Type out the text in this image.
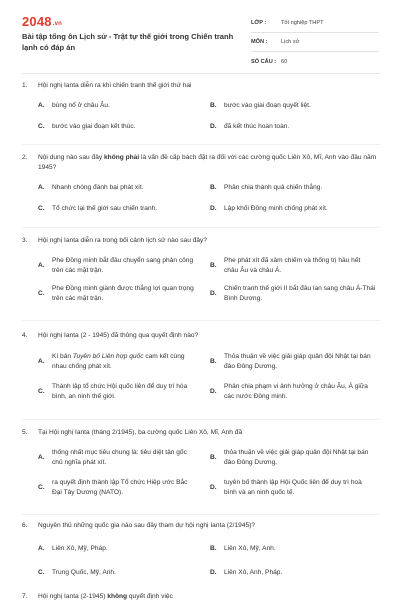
2048.vn
Bài tập tổng ôn Lịch sử - Trật tự thế giới trong Chiến tranh lạnh có đáp án
LỚP :	Tốt nghiệp THPT
MÔN :	Lịch sử
SỐ CÂU : 60
1.	Hội nghị Ianta diễn ra khi chiến tranh thế giới thứ hai
A.	bùng nổ ở châu Âu.	B.	bước vào giai đoạn quyết liệt.
C.	bước vào giai đoạn kết thúc.	D.	đã kết thúc hoàn toàn.
2.	Nội dung nào sau đây không phải là vấn đề cấp bách đặt ra đối với các cường quốc Liên Xô, Mĩ, Anh vào đầu năm 1945?
A.	Nhanh chóng đánh bại phát xít.	B.	Phân chia thành quả chiến thắng.
C.	Tổ chức lại thế giới sau chiến tranh.	D.	Lập khối Đồng minh chống phát xít.
3.	Hội nghị Ianta diễn ra trong bối cảnh lịch sử nào sau đây?
A.
Phe Đồng minh bắt đầu chuyển sang phản công trên các mặt trận.
B.
Phe phát xít đã xâm chiếm và thống trị hầu hết châu Âu và châu Á.
C.
Phe Đồng minh giành được thắng lợi quan trọng trên các mặt trận.
D.
Chiến tranh thế giới II bắt đầu lan sang châu Á-Thái Bình Dương.
4.	Hội nghị Ianta (2 - 1945) đã thông qua quyết định nào?
A.
Kí bản Tuyên bố Liên hợp quốc cam kết cùng nhau chống phát xít.
B.
Thỏa thuận về việc giải giáp quân đội Nhật tại bán đảo Đông Dương.
C.
Thành lập tổ chức Hội quốc liên để duy trì hòa bình, an ninh thế giới.
D.
Phân chia phạm vi ảnh hưởng ở châu Âu, Á giữa các nước Đồng minh.
5.	Tại Hội nghị Ianta (tháng 2/1945), ba cường quốc Liên Xô, Mĩ, Anh đã
A.
thống nhất mục tiêu chung là: tiêu diệt tận gốc chủ nghĩa phát xít.
B.
thỏa thuận về việc giải giáp quân đội Nhật tại bán đảo Đông Dương.
C.
ra quyết định thành lập Tổ chức Hiệp ước Bắc Đại Tây Dương (NATO).
D.
tuyên bố thành lập Hội Quốc liên để duy trì hoà bình và an ninh quốc tế.
6.	Nguyên thủ những quốc gia nào sau đây tham dự hội nghị Ianta (2/1945)?
A.	Liên Xô, Mỹ, Pháp.	B.	Liên Xô, Mỹ, Anh.
C.	Trung Quốc, Mỹ, Anh.	D.	Liên Xô, Anh, Pháp.
7.	Hội nghị Ianta (2-1945) không quyết định việc
